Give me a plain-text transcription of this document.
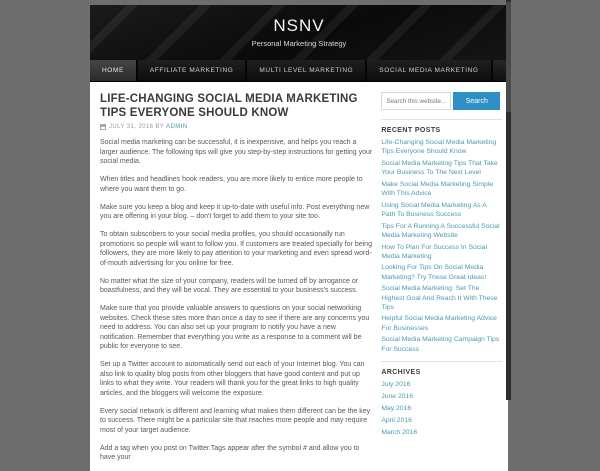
NSNV
Personal Marketing Strategy
HOME	AFFILIATE MARKETING	MULTI LEVEL MARKETING	SOCIAL MEDIA MARKETING
LIFE-CHANGING SOCIAL MEDIA MARKETING TIPS EVERYONE SHOULD KNOW
JULY 31, 2016 BY ADMIN

Social media marketing can be successful, it is inexpensive, and helps you reach a larger audience. The following tips will give you step-by-step instructions for getting your social media.

When titles and headlines hook readers, you are more likely to entice more people to where you want them to go.

Make sure you keep a blog and keep it up-to-date with useful info. Post everything new you are offering in your blog. – don't forget to add them to your site too.

To obtain subscribers to your social media profiles, you should occasionally run promotions so people will want to follow you. If customers are treated specially for being followers, they are more likely to pay attention to your marketing and even spread word-of-mouth advertising for you online for free.

No matter what the size of your company, readers will be turned off by arrogance or boastfulness, and they will be vocal. They are essential to your business's success.

Make sure that you provide valuable answers to questions on your social networking websites. Check these sites more than once a day to see if there are any concerns you need to address. You can also set up your program to notify you have a new notification. Remember that everything you write as a response to a comment will be public for everyone to see.

Set up a Twitter account to automatically send out each of your Internet blog. You can also link to quality blog posts from other bloggers that have good content and put up links to what they write. Your readers will thank you for the great links to high quality articles, and the bloggers will welcome the exposure.

Every social network is different and learning what makes them different can be the key to success. There might be a particular site that reaches more people and may require most of your target audience.

Add a tag when you post on Twitter.Tags appear after the symbol # and allow you to have your

Search this website...
Search
RECENT POSTS
Life-Changing Social Media Marketing Tips Everyone Should Know
Social Media Marketing Tips That Take Your Business To The Next Level
Make Social Media Marketing Simple With This Advice
Using Social Media Marketing As A Path To Business Success
Tips For A Running A Successful Social Media Marketing Website
How To Plan For Success In Social Media Marketing
Looking For Tips On Social Media Marketing? Try These Great Ideas!
Social Media Marketing: Set The Highest Goal And Reach It With These Tips
Helpful Social Media Marketing Advice For Businesses
Social Media Marketing Campaign Tips For Success
ARCHIVES
July 2016
June 2016
May 2016
April 2016
March 2016
